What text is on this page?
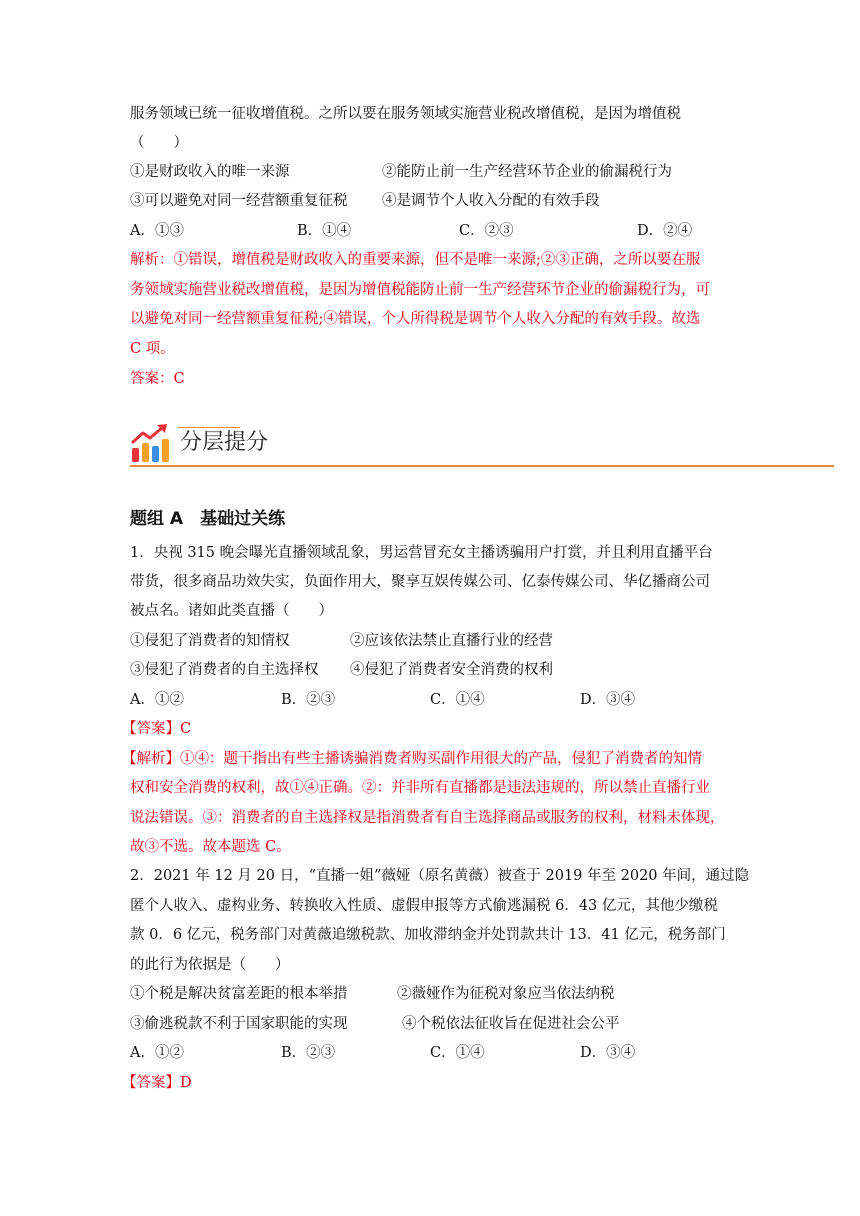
服务领域已统一征收增值税。之所以要在服务领域实施营业税改增值税，是因为增值税
（　　）
①是财政收入的唯一来源	②能防止前一生产经营环节企业的偷漏税行为
③可以避免对同一经营额重复征税 ④是调节个人收入分配的有效手段
A．①③	B．①④	C．②③	D．②④
解析：①错误，增值税是财政收入的重要来源，但不是唯一来源;②③正确，之所以要在服
务领域实施营业税改增值税，是因为增值税能防止前一生产经营环节企业的偷漏税行为，可
以避免对同一经营额重复征税;④错误，个人所得税是调节个人收入分配的有效手段。故选
C 项。
答案：C
分层提分
题组 A　基础过关练
1．央视 315 晚会曝光直播领域乱象，男运营冒充女主播诱骗用户打赏，并且利用直播平台
带货，很多商品功效失实，负面作用大，聚享互娱传媒公司、亿泰传媒公司、华亿播商公司
被点名。诸如此类直播（　　）
①侵犯了消费者的知情权	②应该依法禁止直播行业的经营
③侵犯了消费者的自主选择权 ④侵犯了消费者安全消费的权利
A．①②	B．②③	C．①④	D．③④
【答案】C
【解析】①④：题干指出有些主播诱骗消费者购买副作用很大的产品，侵犯了消费者的知情
权和安全消费的权利，故①④正确。②：并非所有直播都是违法违规的，所以禁止直播行业
说法错误。③：消费者的自主选择权是指消费者有自主选择商品或服务的权利，材料未体现，
故③不选。故本题选 C。
2．2021 年 12 月 20 日，“直播一姐”薇娅（原名黄薇）被查于 2019 年至 2020 年间，通过隐
匿个人收入、虚构业务、转换收入性质、虚假申报等方式偷逃漏税 6．43 亿元，其他少缴税
款 0．6 亿元，税务部门对黄薇追缴税款、加收滞纳金并处罚款共计 13．41 亿元，税务部门
的此行为依据是（　　）
①个税是解决贫富差距的根本举措	②薇娅作为征税对象应当依法纳税
③偷逃税款不利于国家职能的实现	④个税依法征收旨在促进社会公平
A．①②	B．②③	C．①④	D．③④
【答案】D
